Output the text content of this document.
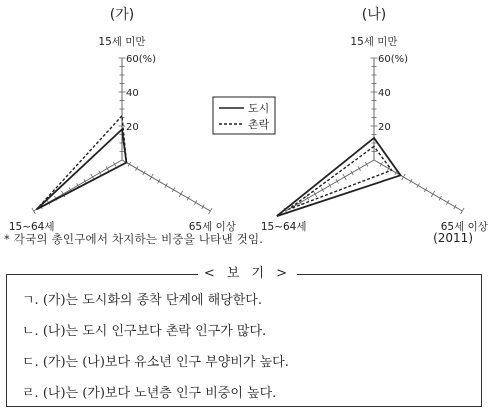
(가)
20
40
60(%)
15세 미만
15~64세	65세 이상
(나)
20
40
60(%)
15세 미만
15~64세	65세 이상
도시
촌락
* 각국의 총인구에서 차지하는 비중을 나타낸 것임.	(2011)
< 보 기 >
ㄱ. (가)는 도시화의 종착 단계에 해당한다.
ㄴ. (나)는 도시 인구보다 촌락 인구가 많다.
ㄷ. (가)는 (나)보다 유소년 인구 부양비가 높다.
ㄹ. (나)는 (가)보다 노년층 인구 비중이 높다.
